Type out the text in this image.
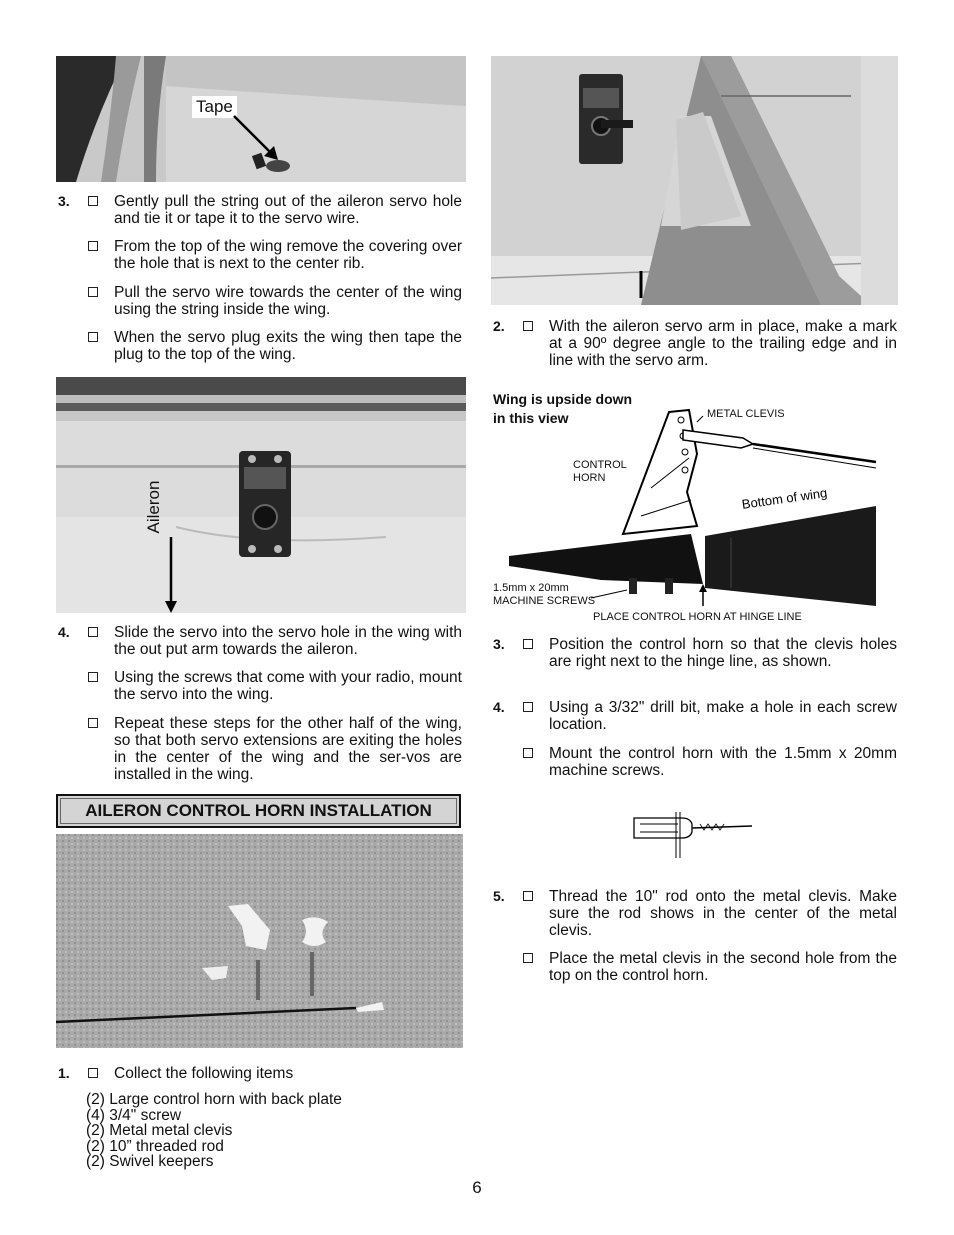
Tape
3.	Gently pull the string out of the aileron servo hole and tie it or tape it to the servo wire.
From the top of the wing remove the covering over the hole that is next to the center rib.
Pull the servo wire towards the center of the wing using the string inside the wing.
When the servo plug exits the wing then tape the plug to the top of the wing.
Aileron
4.	Slide the servo into the servo hole in the wing with the out put arm towards the aileron.
Using the screws that come with your radio, mount the servo into the wing.
Repeat these steps for the other half of the wing, so that both servo extensions are exiting the holes in the center of the wing and the ser-vos are installed in the wing.
AILERON CONTROL HORN INSTALLATION
1.	Collect the following items
(2) Large control horn with back plate
(4) 3/4" screw
(2) Metal metal clevis
(2) 10” threaded rod
(2) Swivel keepers
2.	With the aileron servo arm in place, make a mark at a 90º degree angle to the trailing edge and in line with the servo arm.
Wing is upside down in this view	METAL CLEVIS
CONTROL HORN
Bottom of wing
1.5mm x 20mm MACHINE SCREWS
PLACE CONTROL HORN AT HINGE LINE
3.	Position the control horn so that the clevis holes are right next to the hinge line, as shown.
4.	Using a 3/32" drill bit, make a hole in each screw location.
Mount the control horn with the 1.5mm x 20mm machine screws.
5.	Thread the 10" rod onto the metal clevis. Make sure the rod shows in the center of the metal clevis.
Place the metal clevis in the second hole from the top on the control horn.
6
